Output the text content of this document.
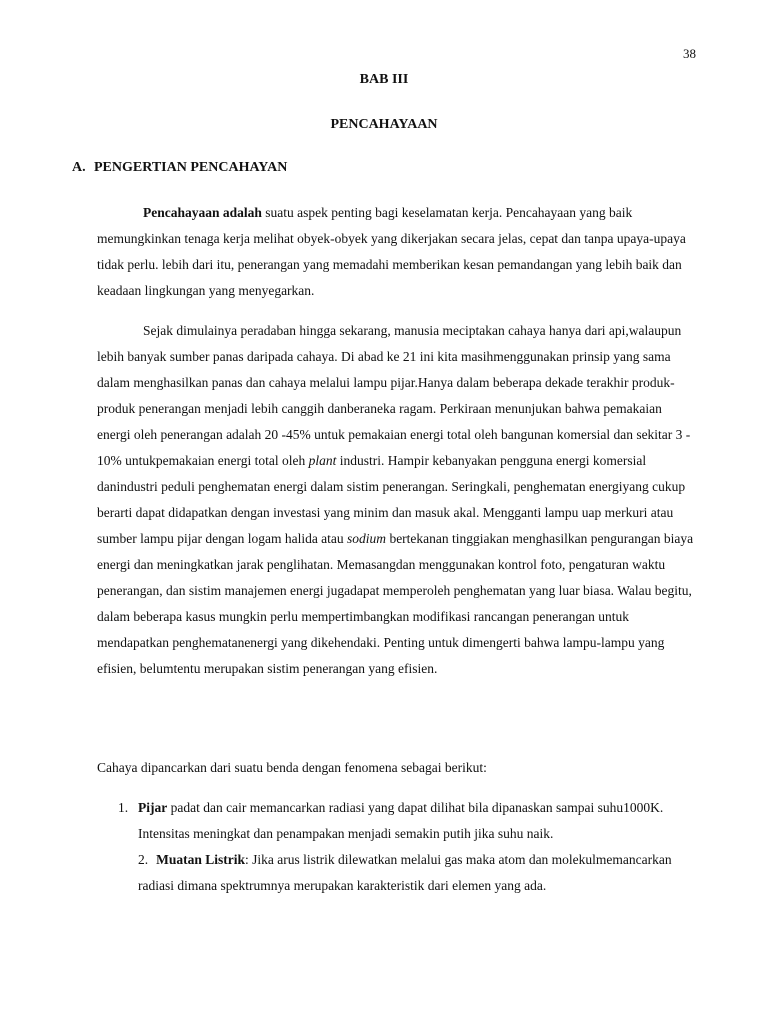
38
BAB III
PENCAHAYAAN
A. PENGERTIAN PENCAHAYAN

Pencahayaan adalah suatu aspek penting bagi keselamatan kerja. Pencahayaan yang baik memungkinkan tenaga kerja melihat obyek-obyek yang dikerjakan secara jelas, cepat dan tanpa upaya-upaya tidak perlu. lebih dari itu, penerangan yang memadahi memberikan kesan pemandangan yang lebih baik dan keadaan lingkungan yang menyegarkan.

Sejak dimulainya peradaban hingga sekarang, manusia meciptakan cahaya hanya dari api,walaupun lebih banyak sumber panas daripada cahaya. Di abad ke 21 ini kita masihmenggunakan prinsip yang sama dalam menghasilkan panas dan cahaya melalui lampu pijar.Hanya dalam beberapa dekade terakhir produk-produk penerangan menjadi lebih canggih danberaneka ragam. Perkiraan menunjukan bahwa pemakaian energi oleh penerangan adalah 20 -45% untuk pemakaian energi total oleh bangunan komersial dan sekitar 3 - 10% untukpemakaian energi total oleh plant industri. Hampir kebanyakan pengguna energi komersial danindustri peduli penghematan energi dalam sistim penerangan. Seringkali, penghematan energiyang cukup berarti dapat didapatkan dengan investasi yang minim dan masuk akal. Mengganti lampu uap merkuri atau sumber lampu pijar dengan logam halida atau sodium bertekanan tinggiakan menghasilkan pengurangan biaya energi dan meningkatkan jarak penglihatan. Memasangdan menggunakan kontrol foto, pengaturan waktu penerangan, dan sistim manajemen energi jugadapat memperoleh penghematan yang luar biasa. Walau begitu, dalam beberapa kasus mungkin perlu mempertimbangkan modifikasi rancangan penerangan untuk mendapatkan penghematanenergi yang dikehendaki. Penting untuk dimengerti bahwa lampu-lampu yang efisien, belumtentu merupakan sistim penerangan yang efisien.

Cahaya dipancarkan dari suatu benda dengan fenomena sebagai berikut:

1. Pijar padat dan cair memancarkan radiasi yang dapat dilihat bila dipanaskan sampai suhu1000K. Intensitas meningkat dan penampakan menjadi semakin putih jika suhu naik.
2. Muatan Listrik: Jika arus listrik dilewatkan melalui gas maka atom dan molekulmemancarkan radiasi dimana spektrumnya merupakan karakteristik dari elemen yang ada.
